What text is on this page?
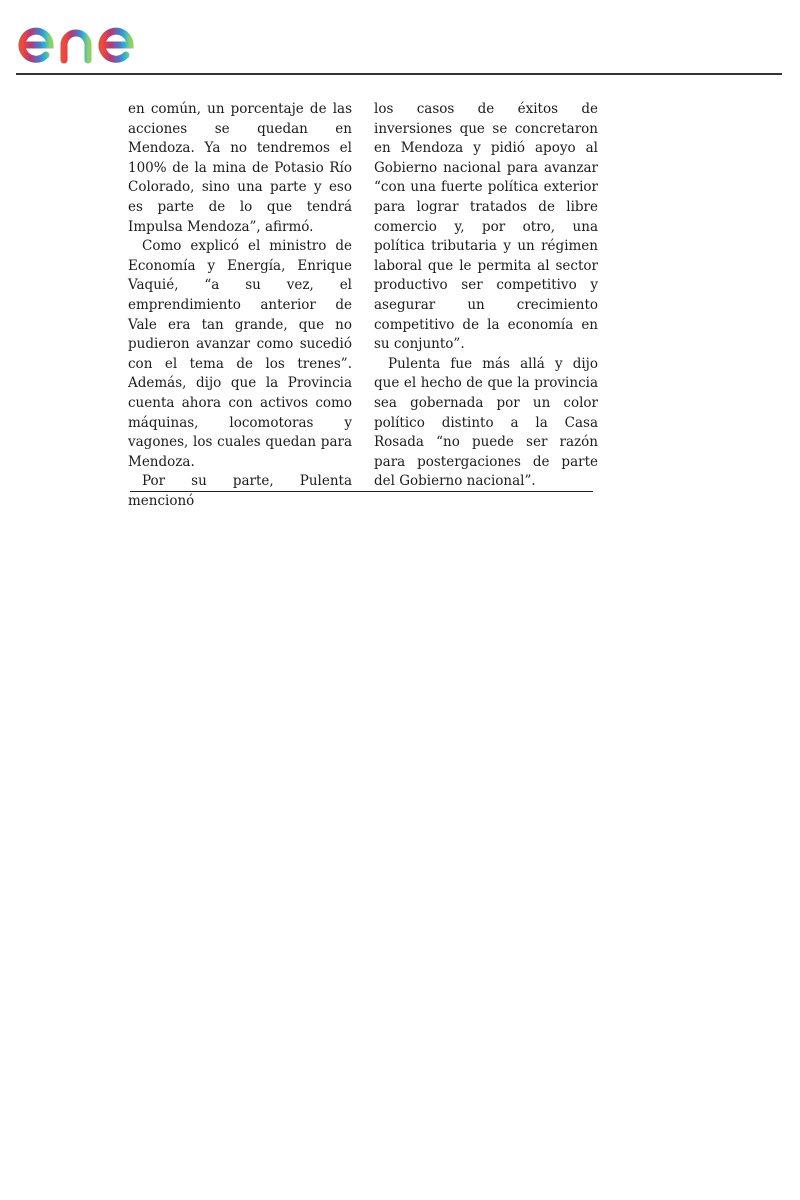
en común, un porcentaje de las acciones se quedan en Mendoza. Ya no tendremos el 100% de la mina de Potasio Río Colorado, sino una parte y eso es parte de lo que tendrá Impulsa Mendoza”, afirmó.

Como explicó el ministro de Economía y Energía, Enrique Vaquié, “a su vez, el emprendimiento anterior de Vale era tan grande, que no pudieron avanzar como sucedió con el tema de los trenes”. Además, dijo que la Provincia cuenta ahora con activos como máquinas, locomotoras y vagones, los cuales quedan para Mendoza.

Por su parte, Pulenta mencionó

los casos de éxitos de inversiones que se concretaron en Mendoza y pidió apoyo al Gobierno nacional para avanzar “con una fuerte política exterior para lograr tratados de libre comercio y, por otro, una política tributaria y un régimen laboral que le permita al sector productivo ser competitivo y asegurar un crecimiento competitivo de la economía en su conjunto”.

Pulenta fue más allá y dijo que el hecho de que la provincia sea gobernada por un color político distinto a la Casa Rosada “no puede ser razón para postergaciones de parte del Gobierno nacional”.
